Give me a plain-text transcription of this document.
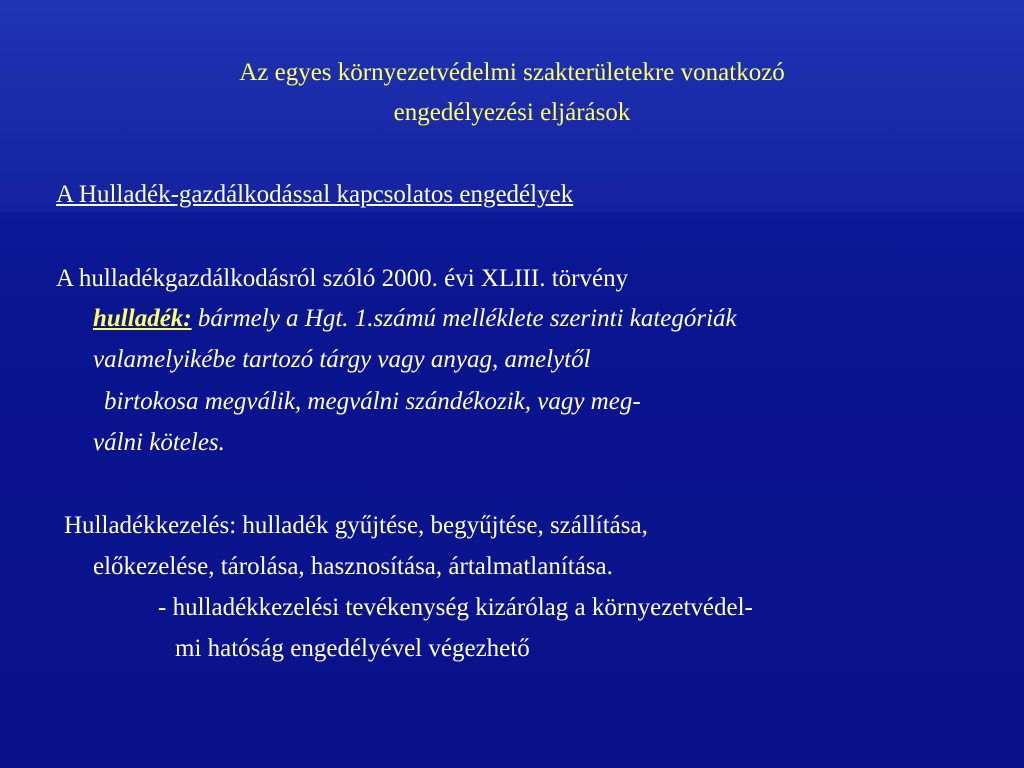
Az egyes környezetvédelmi szakterületekre vonatkozó

engedélyezési eljárások

A Hulladék-gazdálkodással kapcsolatos engedélyek

A hulladékgazdálkodásról szóló 2000. évi XLIII. törvény

hulladék: bármely a Hgt. 1.számú melléklete szerinti kategóriák

valamelyikébe tartozó tárgy vagy anyag, amelytől

birtokosa megválik, megválni szándékozik, vagy meg-

válni köteles.

Hulladékkezelés: hulladék gyűjtése, begyűjtése, szállítása,

előkezelése, tárolása, hasznosítása, ártalmatlanítása.

- hulladékkezelési tevékenység kizárólag a környezetvédel-

mi hatóság engedélyével végezhető
